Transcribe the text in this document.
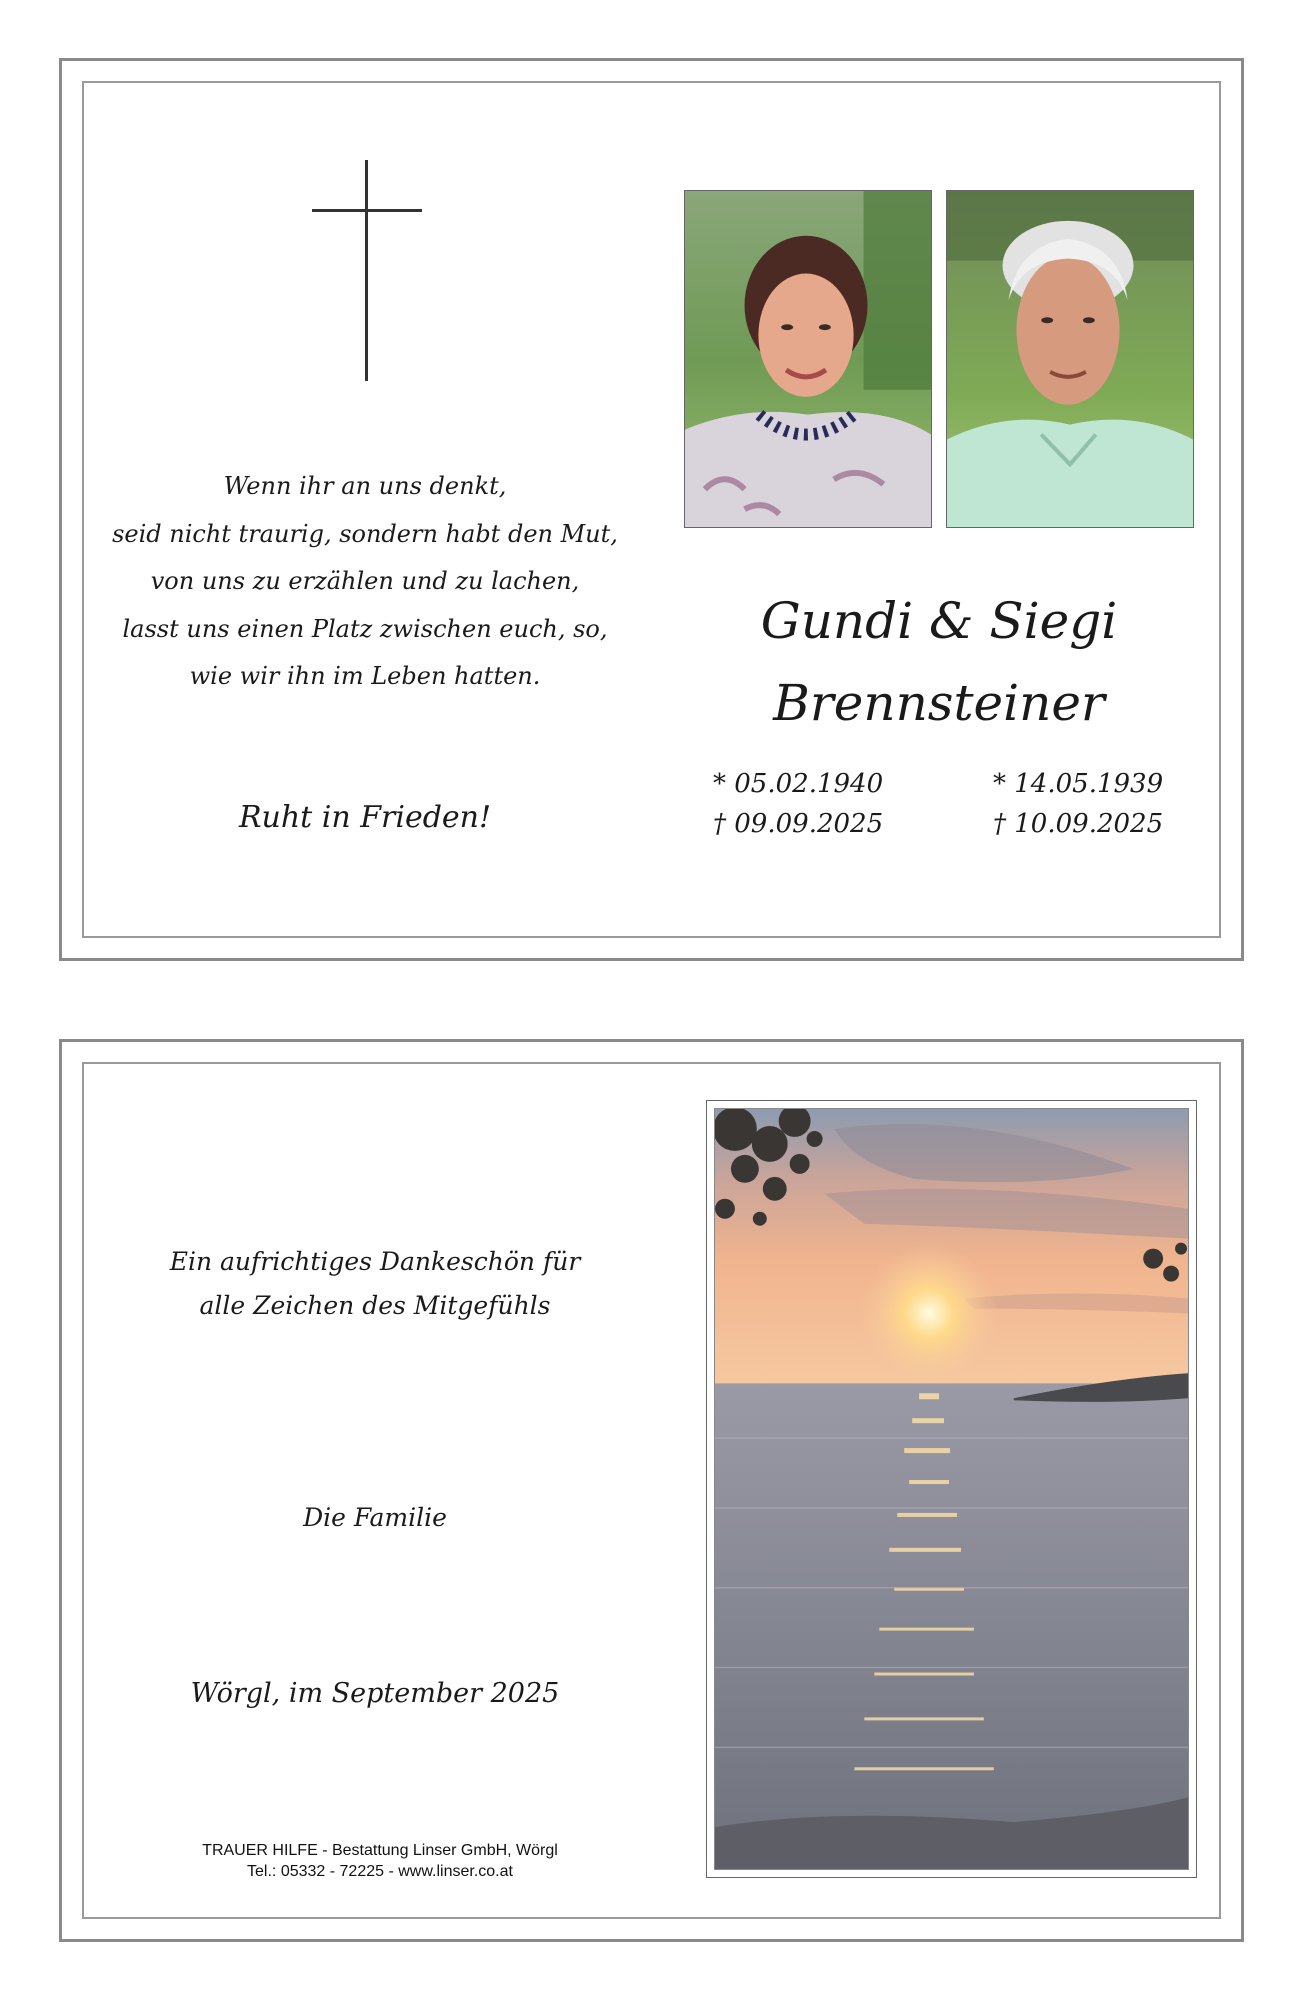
Wenn ihr an uns denkt,
seid nicht traurig, sondern habt den Mut,
von uns zu erzählen und zu lachen,
lasst uns einen Platz zwischen euch, so,
wie wir ihn im Leben hatten.
Ruht in Frieden!
Gundi & Siegi
Brennsteiner
* 05.02.1940
† 09.09.2025
* 14.05.1939
† 10.09.2025
Ein aufrichtiges Dankeschön für
alle Zeichen des Mitgefühls
Die Familie
Wörgl, im September 2025
TRAUER HILFE - Bestattung Linser GmbH, Wörgl
Tel.: 05332 - 72225 - www.linser.co.at
